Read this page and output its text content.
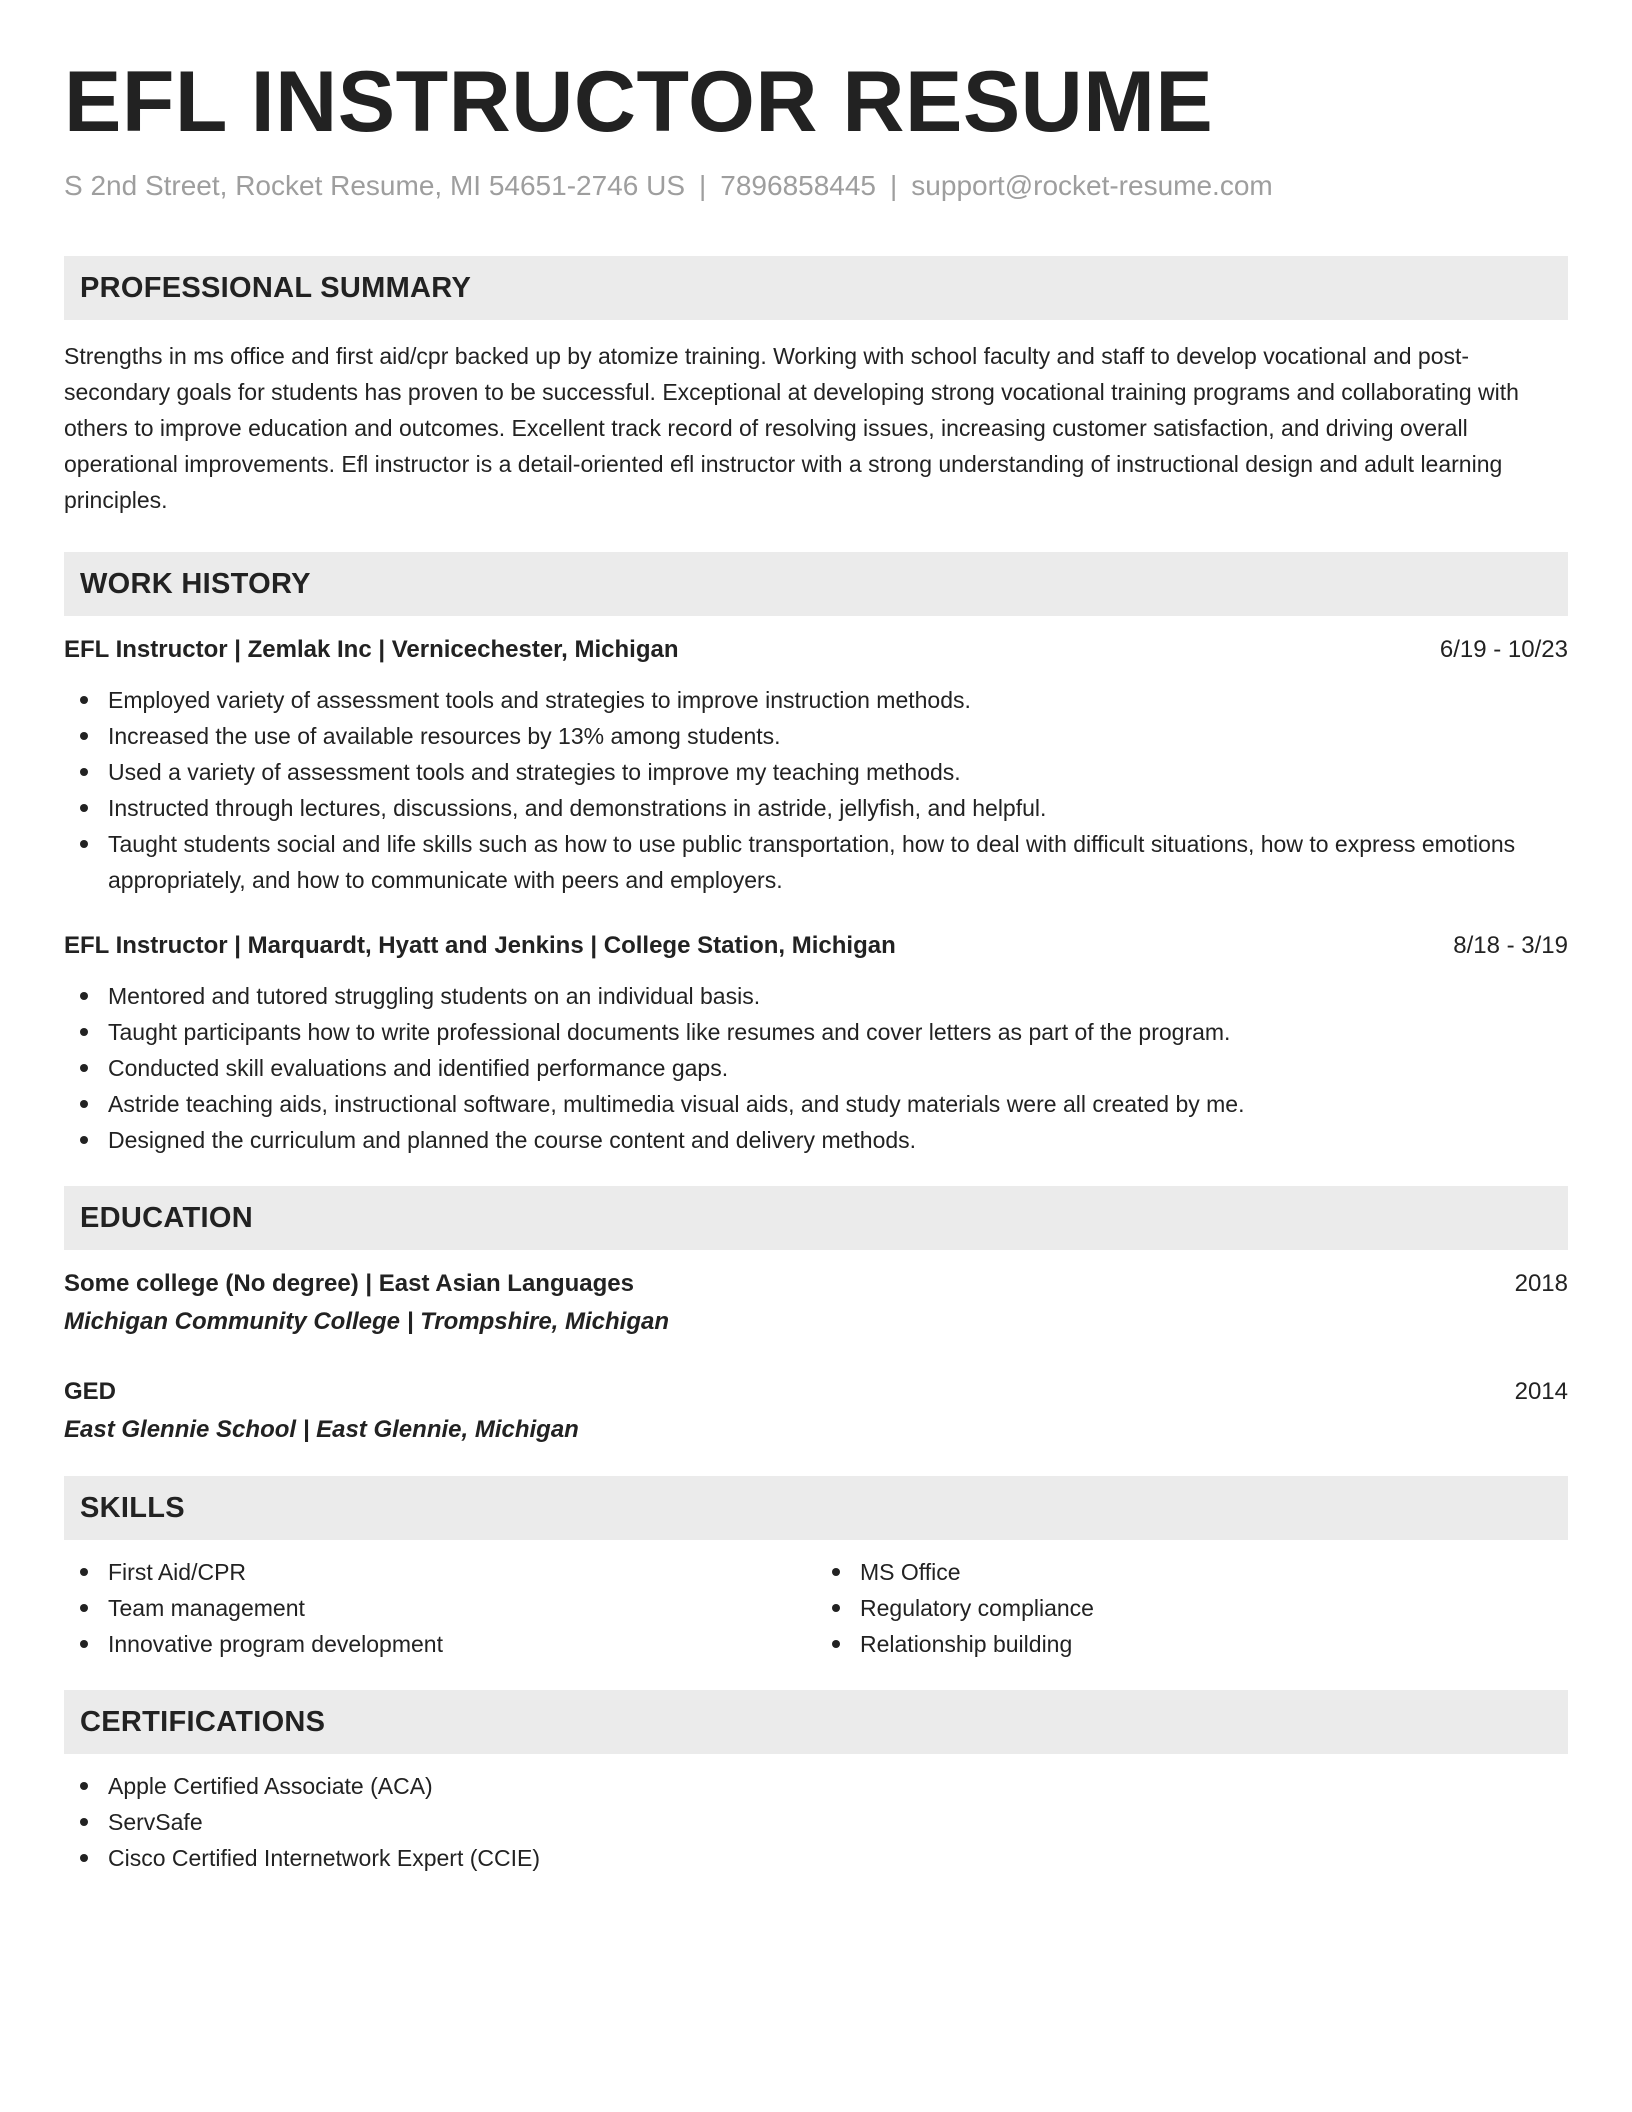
EFL INSTRUCTOR RESUME
S 2nd Street, Rocket Resume, MI 54651-2746 US | 7896858445 | support@rocket-resume.com
PROFESSIONAL SUMMARY
Strengths in ms office and first aid/cpr backed up by atomize training. Working with school faculty and staff to develop vocational and post-secondary goals for students has proven to be successful. Exceptional at developing strong vocational training programs and collaborating with others to improve education and outcomes. Excellent track record of resolving issues, increasing customer satisfaction, and driving overall operational improvements. Efl instructor is a detail-oriented efl instructor with a strong understanding of instructional design and adult learning principles.
WORK HISTORY
EFL Instructor | Zemlak Inc | Vernicechester, Michigan	6/19 - 10/23
Employed variety of assessment tools and strategies to improve instruction methods.
Increased the use of available resources by 13% among students.
Used a variety of assessment tools and strategies to improve my teaching methods.
Instructed through lectures, discussions, and demonstrations in astride, jellyfish, and helpful.
Taught students social and life skills such as how to use public transportation, how to deal with difficult situations, how to express emotions appropriately, and how to communicate with peers and employers.
EFL Instructor | Marquardt, Hyatt and Jenkins | College Station, Michigan	8/18 - 3/19
Mentored and tutored struggling students on an individual basis.
Taught participants how to write professional documents like resumes and cover letters as part of the program.
Conducted skill evaluations and identified performance gaps.
Astride teaching aids, instructional software, multimedia visual aids, and study materials were all created by me.
Designed the curriculum and planned the course content and delivery methods.
EDUCATION
Some college (No degree) | East Asian Languages	2018
Michigan Community College | Trompshire, Michigan
GED	2014
East Glennie School | East Glennie, Michigan
SKILLS
First Aid/CPR
Team management
Innovative program development
MS Office
Regulatory compliance
Relationship building
CERTIFICATIONS
Apple Certified Associate (ACA)
ServSafe
Cisco Certified Internetwork Expert (CCIE)
